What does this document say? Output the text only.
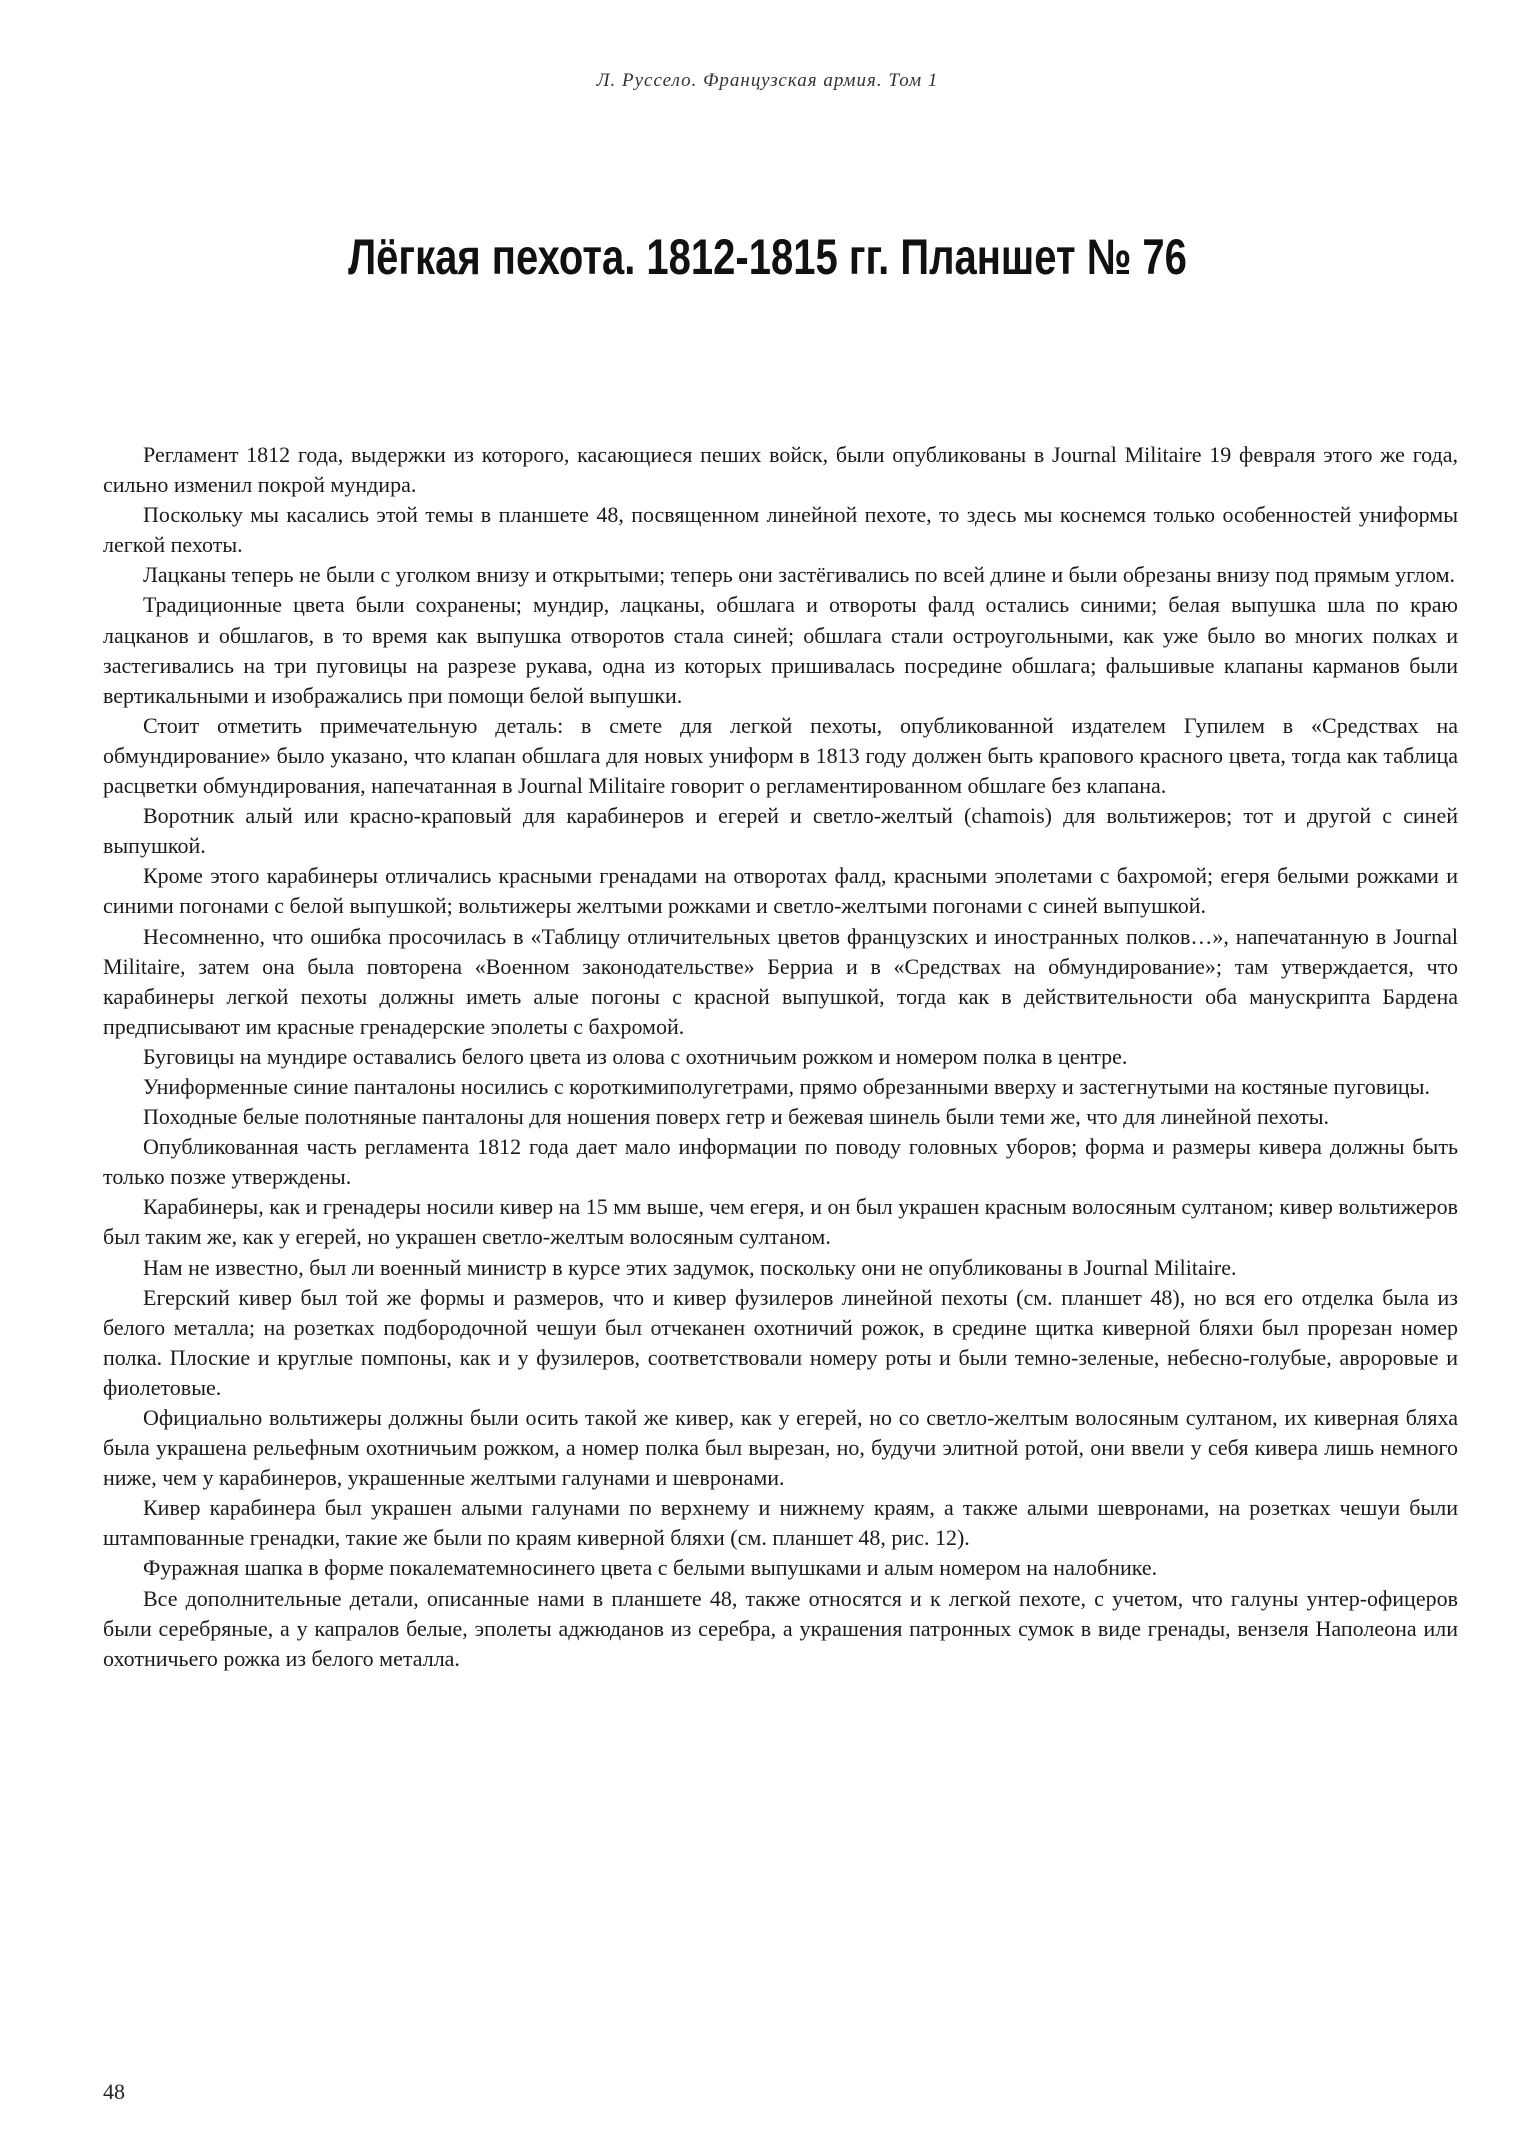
Л. Руссело. Французская армия. Том 1
Лёгкая пехота. 1812-1815 гг. Планшет № 76

Регламент 1812 года, выдержки из которого, касающиеся пеших войск, были опубликованы в Journal Militaire 19 февраля этого же года, сильно изменил покрой мундира.

Поскольку мы касались этой темы в планшете 48, посвященном линейной пехоте, то здесь мы коснемся только особенностей униформы легкой пехоты.

Лацканы теперь не были с уголком внизу и открытыми; теперь они застёгивались по всей длине и были обрезаны внизу под прямым углом.

Традиционные цвета были сохранены; мундир, лацканы, обшлага и отвороты фалд остались синими; белая выпушка шла по краю лацканов и обшлагов, в то время как выпушка отворотов стала синей; обшлага стали остроугольными, как уже было во многих полках и застегивались на три пуговицы на разрезе рукава, одна из которых пришивалась посредине обшлага; фальшивые клапаны карманов были вертикальными и изображались при помощи белой выпушки.

Стоит отметить примечательную деталь: в смете для легкой пехоты, опубликованной издателем Гупилем в «Средствах на обмундирование» было указано, что клапан обшлага для новых униформ в 1813 году должен быть крапового красного цвета, тогда как таблица расцветки обмундирования, напечатанная в Journal Militaire говорит о регламентированном обшлаге без клапана.

Воротник алый или красно-краповый для карабинеров и егерей и светло-желтый (chamois) для вольтижеров; тот и другой с синей выпушкой.

Кроме этого карабинеры отличались красными гренадами на отворотах фалд, красными эполетами с бахромой; егеря белыми рожками и синими погонами с белой выпушкой; вольтижеры желтыми рожками и светло-желтыми погонами с синей выпушкой.

Несомненно, что ошибка просочилась в «Таблицу отличительных цветов французских и иностранных полков…», напечатанную в Journal Militaire, затем она была повторена «Военном законодательстве» Берриа и в «Средствах на обмундирование»; там утверждается, что карабинеры легкой пехоты должны иметь алые погоны с красной выпушкой, тогда как в действительности оба манускрипта Бардена предписывают им красные гренадерские эполеты с бахромой.

Буговицы на мундире оставались белого цвета из олова с охотничьим рожком и номером полка в центре.

Униформенные синие панталоны носились с короткимиполугетрами, прямо обрезанными вверху и застегнутыми на костяные пуговицы.

Походные белые полотняные панталоны для ношения поверх гетр и бежевая шинель были теми же, что для линейной пехоты.

Опубликованная часть регламента 1812 года дает мало информации по поводу головных уборов; форма и размеры кивера должны быть только позже утверждены.

Карабинеры, как и гренадеры носили кивер на 15 мм выше, чем егеря, и он был украшен красным волосяным султаном; кивер вольтижеров был таким же, как у егерей, но украшен светло-желтым волосяным султаном.

Нам не известно, был ли военный министр в курсе этих задумок, поскольку они не опубликованы в Journal Militaire.

Егерский кивер был той же формы и размеров, что и кивер фузилеров линейной пехоты (см. планшет 48), но вся его отделка была из белого металла; на розетках подбородочной чешуи был отчеканен охотничий рожок, в средине щитка киверной бляхи был прорезан номер полка. Плоские и круглые помпоны, как и у фузилеров, соответствовали номеру роты и были темно-зеленые, небесно-голубые, авроровые и фиолетовые.

Официально вольтижеры должны были осить такой же кивер, как у егерей, но со светло-желтым волосяным султаном, их киверная бляха была украшена рельефным охотничьим рожком, а номер полка был вырезан, но, будучи элитной ротой, они ввели у себя кивера лишь немного ниже, чем у карабинеров, украшенные желтыми галунами и шевронами.

Кивер карабинера был украшен алыми галунами по верхнему и нижнему краям, а также алыми шевронами, на розетках чешуи были штампованные гренадки, такие же были по краям киверной бляхи (см. планшет 48, рис. 12).

Фуражная шапка в форме покалематемносинего цвета с белыми выпушками и алым номером на налобнике.

Все дополнительные детали, описанные нами в планшете 48, также относятся и к легкой пехоте, с учетом, что галуны унтер-офицеров были серебряные, а у капралов белые, эполеты аджюданов из серебра, а украшения патронных сумок в виде гренады, вензеля Наполеона или охотничьего рожка из белого металла.

48
